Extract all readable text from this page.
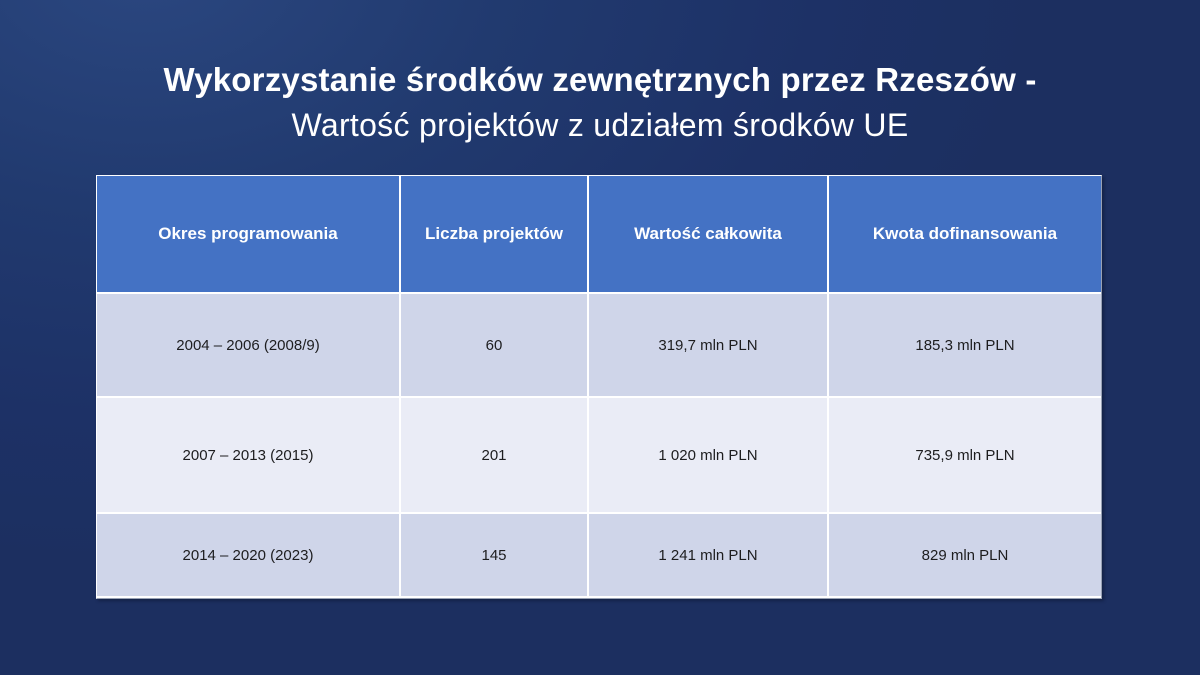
Wykorzystanie środków zewnętrznych przez Rzeszów -
Wartość projektów z udziałem środków UE
Okres programowania	Liczba projektów	Wartość całkowita	Kwota dofinansowania
2004 – 2006 (2008/9)	60	319,7 mln PLN	185,3 mln PLN
2007 – 2013 (2015)	201	1 020 mln PLN	735,9 mln PLN
2014 – 2020 (2023)	145	1 241 mln PLN	829 mln PLN
